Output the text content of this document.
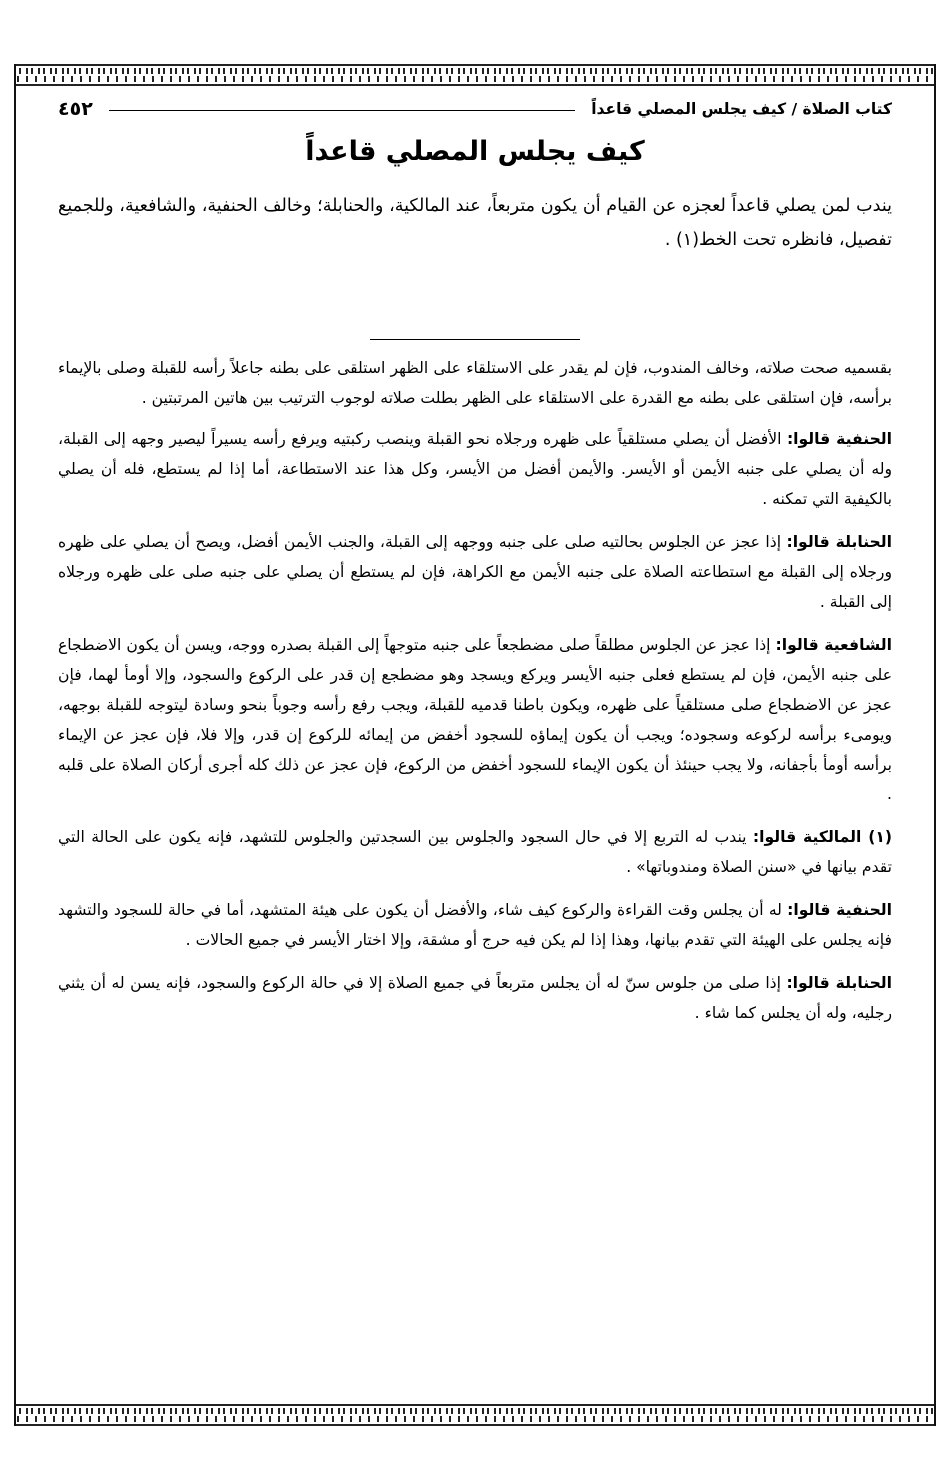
كتاب الصلاة / كيف يجلس المصلي قاعداً
٤٥٢
كيف يجلس المصلي قاعداً

يندب لمن يصلي قاعداً لعجزه عن القيام أن يكون متربعاً، عند المالكية، والحنابلة؛ وخالف الحنفية، والشافعية، وللجميع تفصيل، فانظره تحت الخط(١) .

بقسميه صحت صلاته، وخالف المندوب، فإن لم يقدر على الاستلقاء على الظهر استلقى على بطنه جاعلاً رأسه للقبلة وصلى بالإيماء برأسه، فإن استلقى على بطنه مع القدرة على الاستلقاء على الظهر بطلت صلاته لوجوب الترتيب بين هاتين المرتبتين .

الحنفية قالوا: الأفضل أن يصلي مستلقياً على ظهره ورجلاه نحو القبلة وينصب ركبتيه ويرفع رأسه يسيراً ليصير وجهه إلى القبلة، وله أن يصلي على جنبه الأيمن أو الأيسر. والأيمن أفضل من الأيسر، وكل هذا عند الاستطاعة، أما إذا لم يستطع، فله أن يصلي بالكيفية التي تمكنه .

الحنابلة قالوا: إذا عجز عن الجلوس بحالتيه صلى على جنبه ووجهه إلى القبلة، والجنب الأيمن أفضل، ويصح أن يصلي على ظهره ورجلاه إلى القبلة مع استطاعته الصلاة على جنبه الأيمن مع الكراهة، فإن لم يستطع أن يصلي على جنبه صلى على ظهره ورجلاه إلى القبلة .

الشافعية قالوا: إذا عجز عن الجلوس مطلقاً صلى مضطجعاً على جنبه متوجهاً إلى القبلة بصدره ووجه، ويسن أن يكون الاضطجاع على جنبه الأيمن، فإن لم يستطع فعلى جنبه الأيسر ويركع ويسجد وهو مضطجع إن قدر على الركوع والسجود، وإلا أومأ لهما، فإن عجز عن الاضطجاع صلى مستلقياً على ظهره، ويكون باطنا قدميه للقبلة، ويجب رفع رأسه وجوباً بنحو وسادة ليتوجه للقبلة بوجهه، ويومىء برأسه لركوعه وسجوده؛ ويجب أن يكون إيماؤه للسجود أخفض من إيمائه للركوع إن قدر، وإلا فلا، فإن عجز عن الإيماء برأسه أومأ بأجفانه، ولا يجب حينئذ أن يكون الإيماء للسجود أخفض من الركوع، فإن عجز عن ذلك كله أجرى أركان الصلاة على قلبه .

(١) المالكية قالوا: يندب له التربع إلا في حال السجود والجلوس بين السجدتين والجلوس للتشهد، فإنه يكون على الحالة التي تقدم بيانها في «سنن الصلاة ومندوباتها» .

الحنفية قالوا: له أن يجلس وقت القراءة والركوع كيف شاء، والأفضل أن يكون على هيئة المتشهد، أما في حالة للسجود والتشهد فإنه يجلس على الهيئة التي تقدم بيانها، وهذا إذا لم يكن فيه حرج أو مشقة، وإلا اختار الأيسر في جميع الحالات .

الحنابلة قالوا: إذا صلى من جلوس سنّ له أن يجلس متربعاً في جميع الصلاة إلا في حالة الركوع والسجود، فإنه يسن له أن يثني رجليه، وله أن يجلس كما شاء .
